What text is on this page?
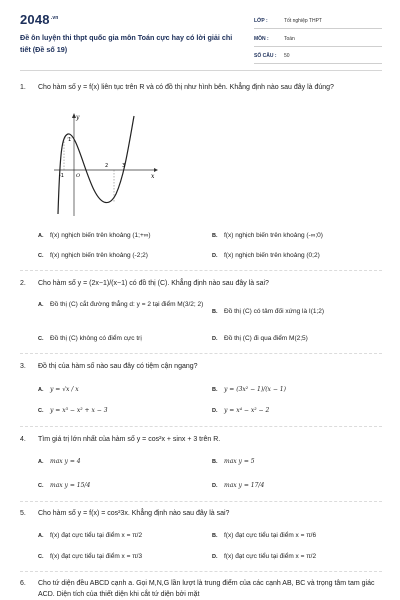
$2048^{.vn}$
Đề ôn luyện thi thpt quốc gia môn Toán cực hay có lời giải chi tiết (Đề số 19)
LỚP :	Tốt nghiệp THPT
MÔN :	Toán
SỐ CÂU :	50
1.	Cho hàm số y = f(x) liên tục trên R và có đồ thị như hình bên. Khẳng định nào sau đây là đúng?
y
x
1
-1 O
2	3
A. f(x) nghịch biến trên khoảng (1;+∞)	B. f(x) nghịch biến trên khoảng (-∞;0)
C. f(x) nghịch biến trên khoảng (-2;2)	D. f(x) nghịch biến trên khoảng (0;2)
2.	Cho hàm số y = (2x−1)/(x−1) có đồ thị (C). Khẳng định nào sau đây là sai?
A. Đồ thị (C) cắt đường thẳng d: y = 2 tại điểm M(3/2; 2)
B. Đồ thị (C) có tâm đối xứng là I(1;2)
C. Đồ thị (C) không có điểm cực trị	D. Đồ thị (C) đi qua điểm M(2;5)
3.	Đồ thị của hàm số nào sau đây có tiệm cận ngang?
A. y = √x / x	B. y = (3x² − 1)/(x − 1)
C. y = x³ − x² + x − 3	D. y = x⁴ − x² − 2
4.	Tìm giá trị lớn nhất của hàm số y = cos²x + sinx + 3 trên R.
A. max y = 4	B. max y = 5
C. max y = 15/4	D. max y = 17/4
5.	Cho hàm số y = f(x) = cos²3x. Khẳng định nào sau đây là sai?
A. f(x) đạt cực tiểu tại điểm x = π/2	B. f(x) đạt cực tiểu tại điểm x = π/6
C. f(x) đạt cực tiểu tại điểm x = π/3	D. f(x) đạt cực tiểu tại điểm x = π/2
6.	Cho tứ diện đều ABCD cạnh a. Gọi M,N,G lần lượt là trung điểm của các cạnh AB, BC và trọng tâm tam giác ACD. Diện tích của thiết diện khi cắt tứ diện bởi mặt
